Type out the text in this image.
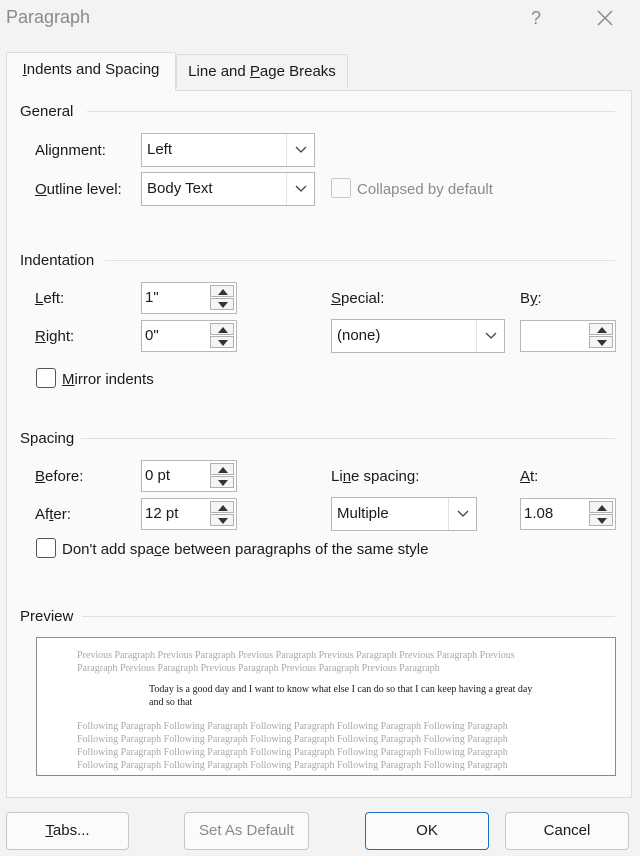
Paragraph	?
Indents and Spacing	Line and Page Breaks
General
Alignment:	Left
Outline level: Body Text	Collapsed by default
Indentation
Left:
1"
Right:
0"
Special:
(none)
By:
Mirror indents
Spacing
Before:
0 pt
After:
12 pt
Line spacing:
Multiple
At:
1.08
Don't add space between paragraphs of the same style
Preview
Previous Paragraph Previous Paragraph Previous Paragraph Previous Paragraph Previous Paragraph Previous Paragraph Previous Paragraph Previous Paragraph Previous Paragraph Previous Paragraph
Today is a good day and I want to know what else I can do so that I can keep having a great day and so that
Following Paragraph Following Paragraph Following Paragraph Following Paragraph Following Paragraph Following Paragraph Following Paragraph Following Paragraph Following Paragraph Following Paragraph Following Paragraph Following Paragraph Following Paragraph Following Paragraph Following Paragraph Following Paragraph Following Paragraph Following Paragraph Following Paragraph Following Paragraph
Tabs...	Set As Default	OK	Cancel
